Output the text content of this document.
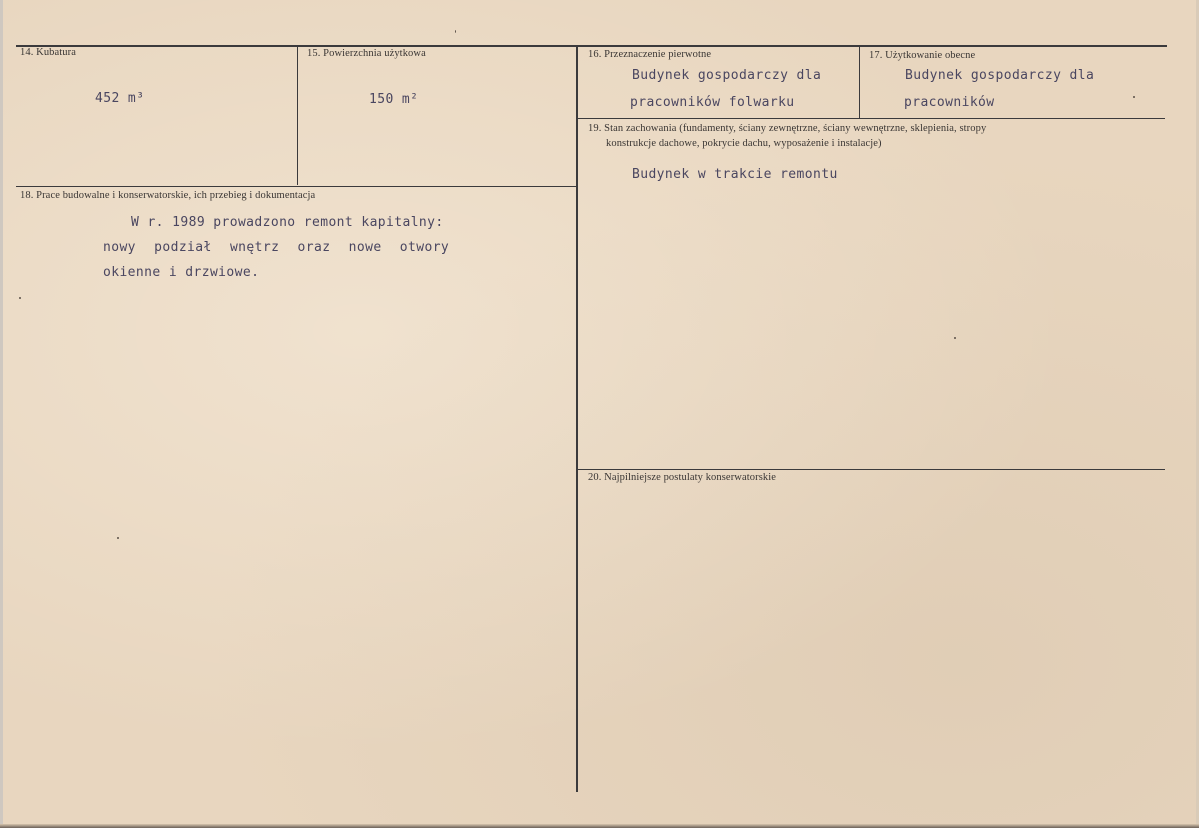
14. Kubatura
452 m³
15. Powierzchnia użytkowa
150 m²
16. Przeznaczenie pierwotne
Budynek gospodarczy dla
pracowników folwarku
17. Użytkowanie obecne
Budynek gospodarczy dla
pracowników
18. Prace budowalne i konserwatorskie, ich przebieg i dokumentacja
W r. 1989 prowadzono remont kapitalny:
nowy podział wnętrz oraz nowe otwory
okienne i drzwiowe.
19. Stan zachowania (fundamenty, ściany zewnętrzne, ściany wewnętrzne, sklepienia, stropy
konstrukcje dachowe, pokrycie dachu, wyposażenie i instalacje)
Budynek w trakcie remontu
20. Najpilniejsze postulaty konserwatorskie
